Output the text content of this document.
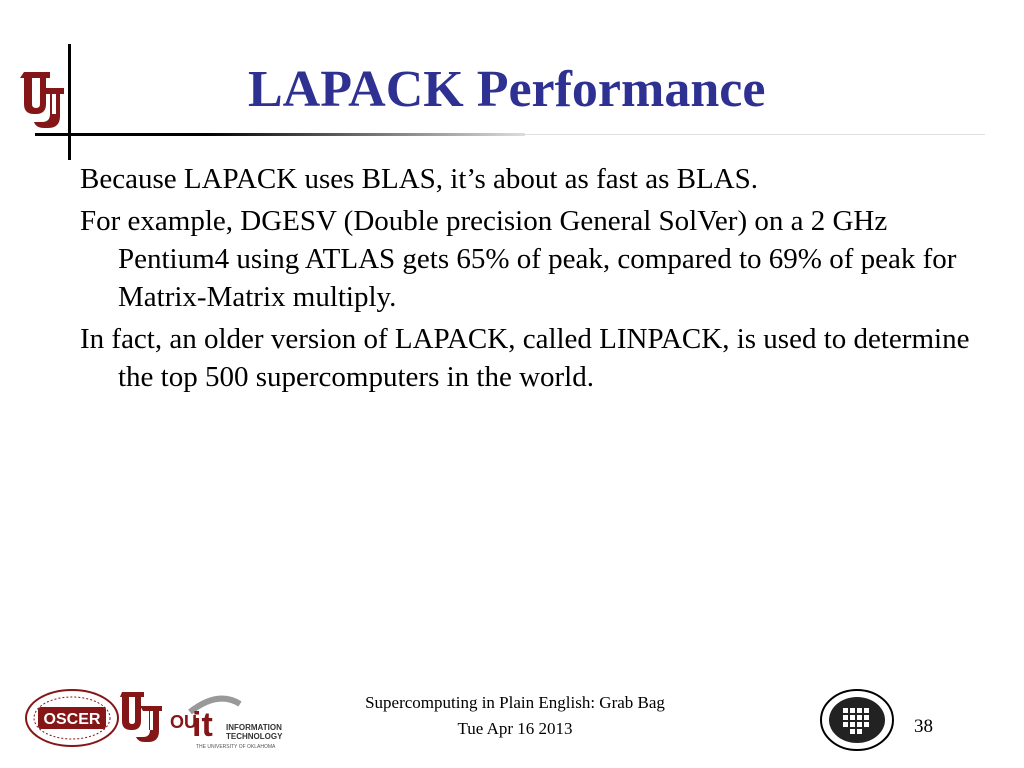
LAPACK Performance
Because LAPACK uses BLAS, it’s about as fast as BLAS.
For example, DGESV (Double precision General SolVer) on a 2 GHz Pentium4 using ATLAS gets 65% of peak, compared to 69% of peak for Matrix-Matrix multiply.
In fact, an older version of LAPACK, called LINPACK, is used to determine the top 500 supercomputers in the world.
OSCER	OU
it INFORMATION
TECHNOLOGY
THE UNIVERSITY OF OKLAHOMA
Supercomputing in Plain English: Grab Bag
Tue Apr 16 2013	38
